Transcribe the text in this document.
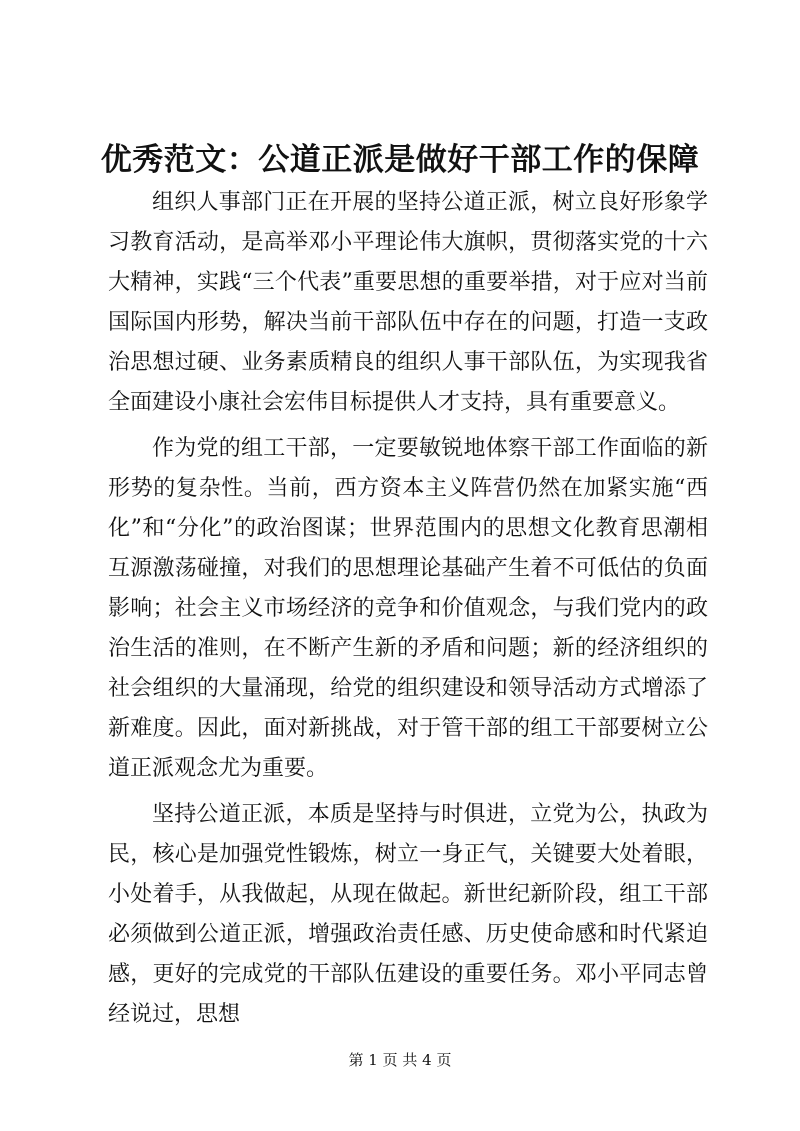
优秀范文：公道正派是做好干部工作的保障

组织人事部门正在开展的坚持公道正派，树立良好形象学习教育活动，是高举邓小平理论伟大旗帜，贯彻落实党的十六大精神，实践“三个代表”重要思想的重要举措，对于应对当前国际国内形势，解决当前干部队伍中存在的问题，打造一支政治思想过硬、业务素质精良的组织人事干部队伍，为实现我省全面建设小康社会宏伟目标提供人才支持，具有重要意义。

作为党的组工干部，一定要敏锐地体察干部工作面临的新形势的复杂性。当前，西方资本主义阵营仍然在加紧实施“西化”和“分化”的政治图谋；世界范围内的思想文化教育思潮相互源激荡碰撞，对我们的思想理论基础产生着不可低估的负面影响；社会主义市场经济的竞争和价值观念，与我们党内的政治生活的准则，在不断产生新的矛盾和问题；新的经济组织的社会组织的大量涌现，给党的组织建设和领导活动方式增添了新难度。因此，面对新挑战，对于管干部的组工干部要树立公道正派观念尤为重要。

坚持公道正派，本质是坚持与时俱进，立党为公，执政为民，核心是加强党性锻炼，树立一身正气，关键要大处着眼，小处着手，从我做起，从现在做起。新世纪新阶段，组工干部必须做到公道正派，增强政治责任感、历史使命感和时代紧迫感，更好的完成党的干部队伍建设的重要任务。邓小平同志曾经说过，思想

第 1 页 共 4 页
